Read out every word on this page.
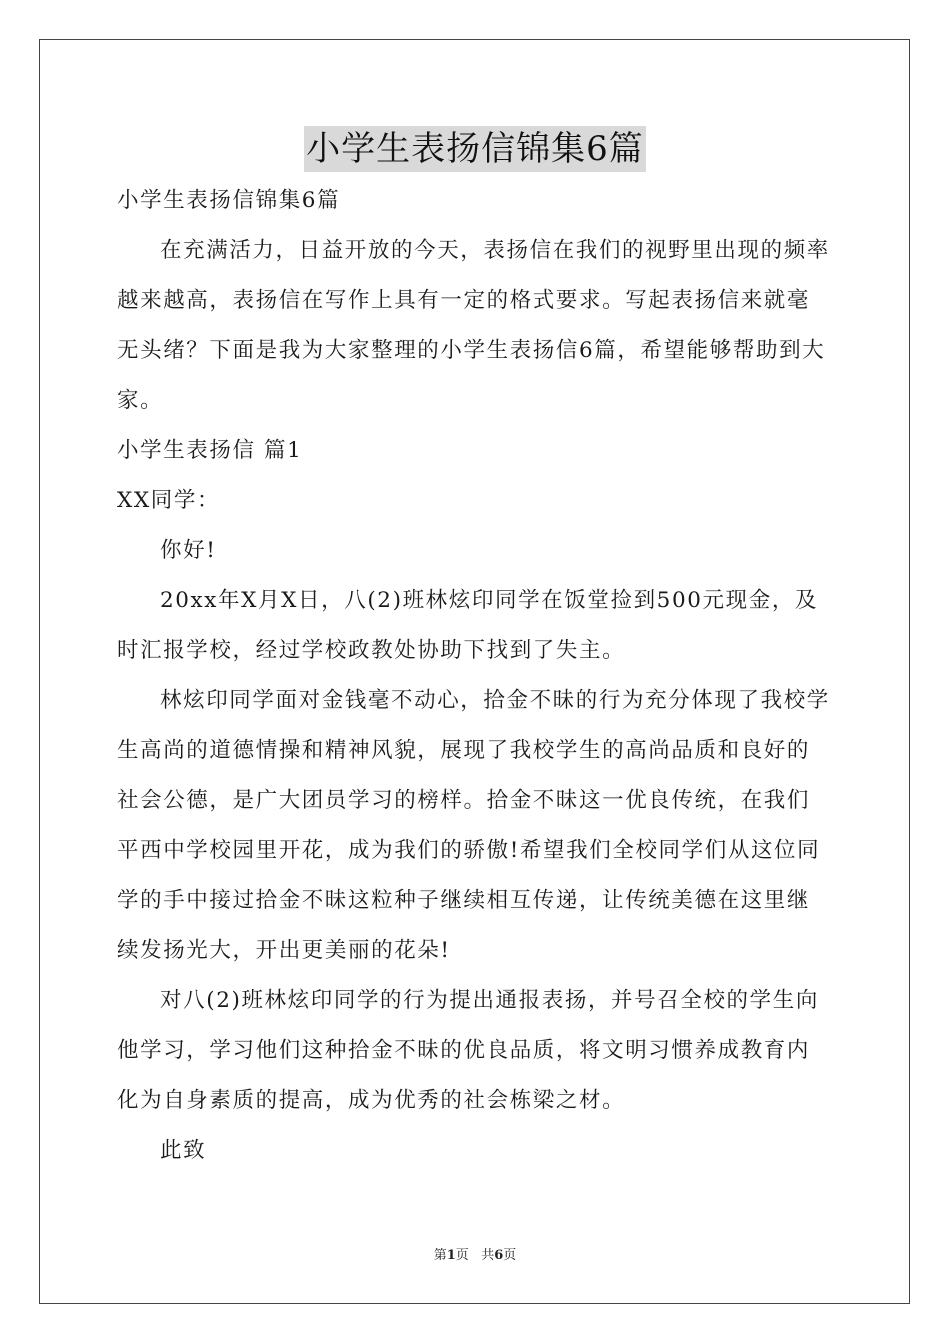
小学生表扬信锦集6篇

小学生表扬信锦集6篇

在充满活力，日益开放的今天，表扬信在我们的视野里出现的频率越来越高，表扬信在写作上具有一定的格式要求。写起表扬信来就毫无头绪？下面是我为大家整理的小学生表扬信6篇，希望能够帮助到大家。

小学生表扬信 篇1

XX同学：

你好!

20xx年X月X日，八(2)班林炫印同学在饭堂捡到500元现金，及时汇报学校，经过学校政教处协助下找到了失主。

林炫印同学面对金钱毫不动心，拾金不昧的行为充分体现了我校学生高尚的道德情操和精神风貌，展现了我校学生的高尚品质和良好的社会公德，是广大团员学习的榜样。拾金不昧这一优良传统，在我们平西中学校园里开花，成为我们的骄傲!希望我们全校同学们从这位同学的手中接过拾金不昧这粒种子继续相互传递，让传统美德在这里继续发扬光大，开出更美丽的花朵!

对八(2)班林炫印同学的行为提出通报表扬，并号召全校的学生向他学习，学习他们这种拾金不昧的优良品质，将文明习惯养成教育内化为自身素质的提高，成为优秀的社会栋梁之材。

此致

第1页 共6页
